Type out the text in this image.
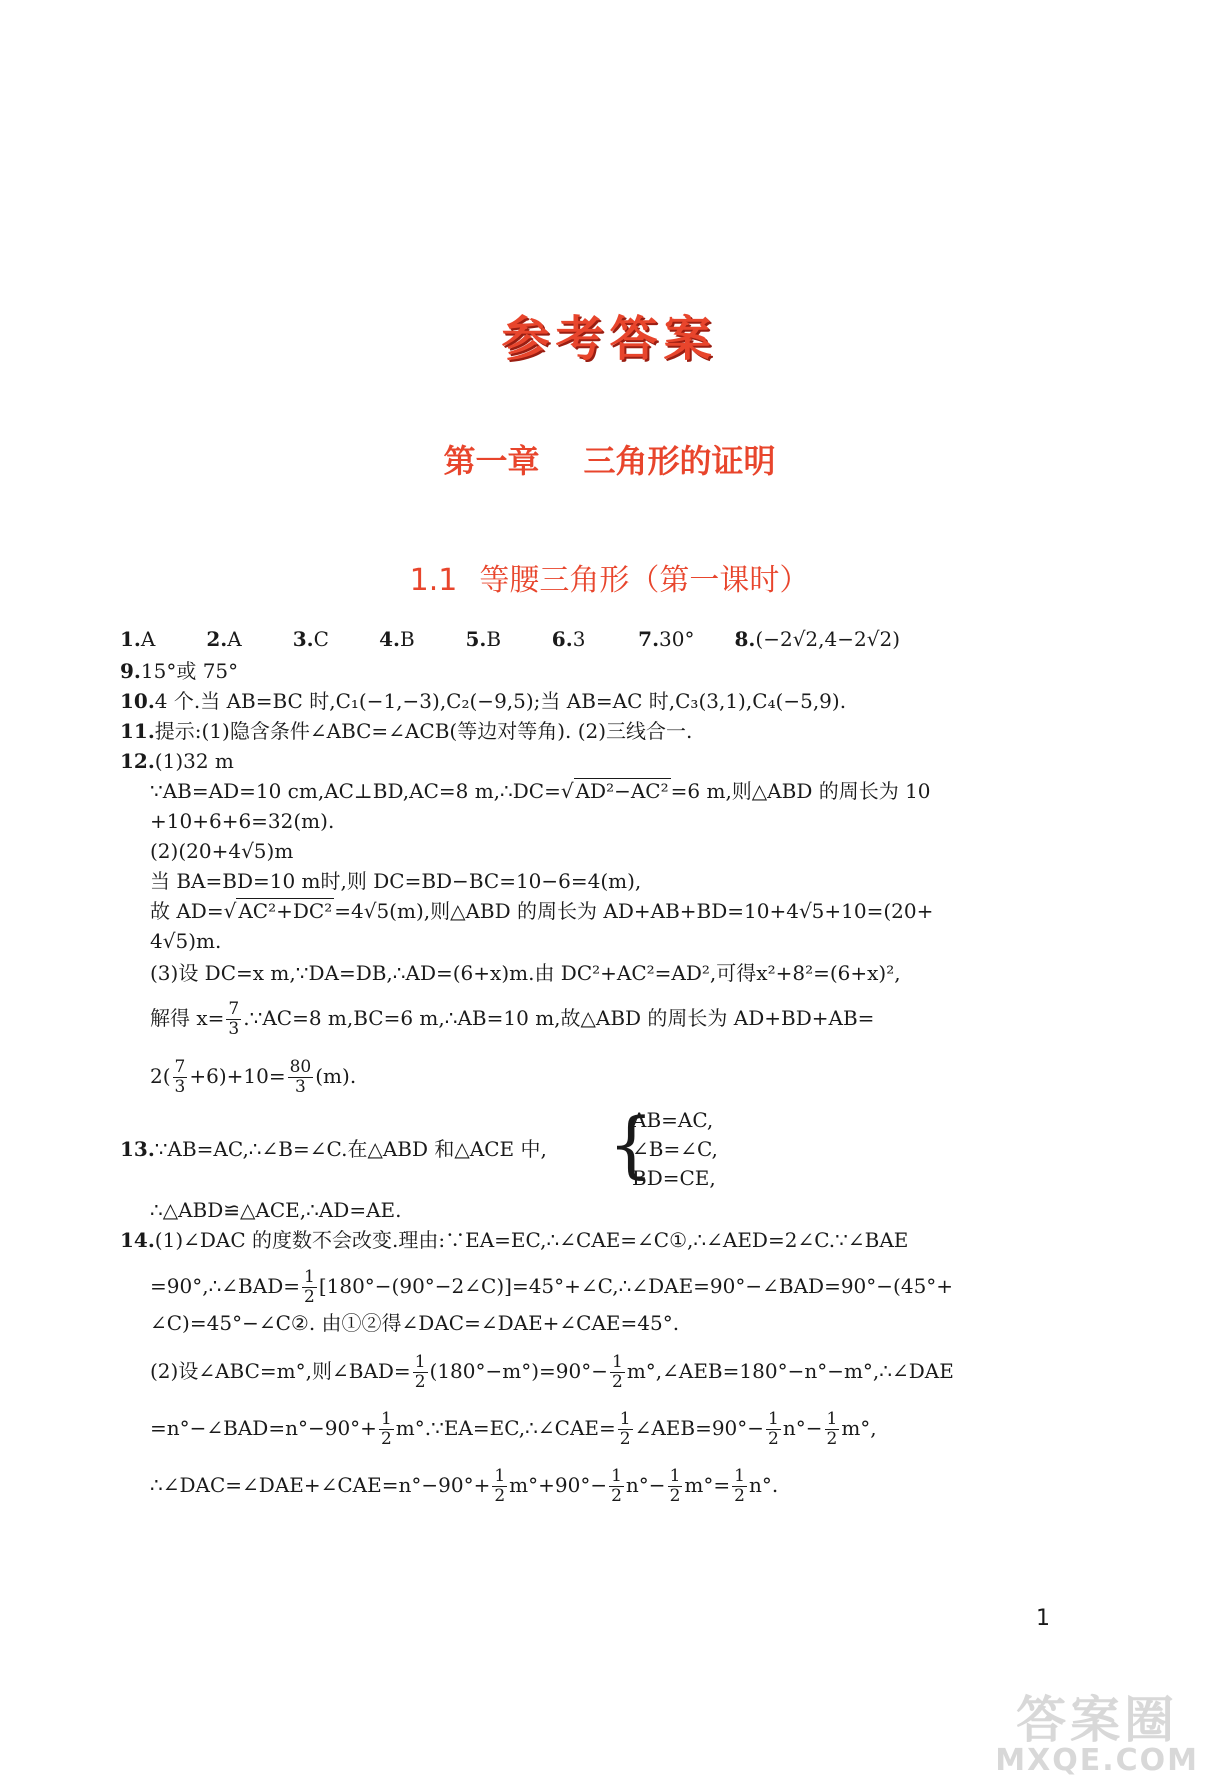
参考答案
第一章 三角形的证明
1.1 等腰三角形（第一课时）
1.A	2.A	3.C	4.B	5.B	6.3	7.30° 8.(−2√2,4−2√2)
9.15°或 75°
10.4 个.当 AB=BC 时,C₁(−1,−3),C₂(−9,5);当 AB=AC 时,C₃(3,1),C₄(−5,9).
11.提示:(1)隐含条件∠ABC=∠ACB(等边对等角). (2)三线合一.
12.(1)32 m
∵AB=AD=10 cm,AC⊥BD,AC=8 m,∴DC=√ AD²−AC² =6 m,则△ABD 的周长为 10
+10+6+6=32(m).
(2)(20+4√5)m
当 BA=BD=10 m时,则 DC=BD−BC=10−6=4(m),
故 AD=√ AC²+DC² =4√5(m),则△ABD 的周长为 AD+AB+BD=10+4√5+10=(20+
4√5)m.
(3)设 DC=x m,∵DA=DB,∴AD=(6+x)m.由 DC²+AC²=AD²,可得x²+8²=(6+x)²,
解得 $x= \frac{7}{3}$ .∵AC=8 m,BC=6 m,∴AB=10 m,故△ABD 的周长为 AD+BD+AB=
$2( \frac{7}{3} +6)+10= \frac{80}{3} (m)$.
13.∵AB=AC,∴∠B=∠C.在△ABD 和△ACE 中, {
AB=AC,
∠B=∠C,
BD=CE,
∴△ABD≌△ACE,∴AD=AE.
14.(1)∠DAC 的度数不会改变.理由:∵EA=EC,∴∠CAE=∠C①,∴∠AED=2∠C.∵∠BAE
=90°,∴∠BAD= $\frac{1}{2}$ [180°−(90°−2∠C)]=45°+∠C,∴∠DAE=90°−∠BAD=90°−(45°+
∠C)=45°−∠C②. 由①②得∠DAC=∠DAE+∠CAE=45°.
(2)设∠ABC=m°,则∠BAD= $\frac{1}{2} (180^\circ-m^\circ)=90^\circ- \frac{1}{2}$ m°,∠AEB=180°−n°−m°,∴∠DAE
=n°−∠BAD=n°−90°+ $\frac{1}{2}$ m°.∵EA=EC,∴∠CAE= $\frac{1}{2}$ ∠AEB=90°− $\frac{1}{2} n^\circ- \frac{1}{2} m^\circ$,
∴∠DAC=∠DAE+∠CAE=n°−90°+ $\frac{1}{2} m^\circ+90^\circ- \frac{1}{2} n^\circ- \frac{1}{2} m^\circ= \frac{1}{2} n^\circ$.
1
答案圈
MXQE.COM
